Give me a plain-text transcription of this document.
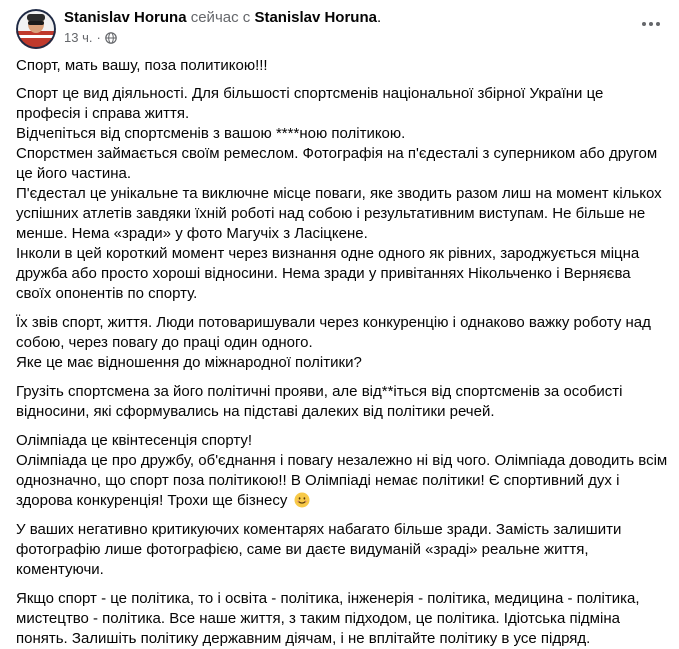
Stanislav Horuna сейчас с Stanislav Horuna.
13 ч. ·

Спорт, мать вашу, поза политикою!!!

Спорт це вид діяльності. Для більшості спортсменів національної збірної України це професія і справа життя.
Відчепіться від спортсменів з вашою ****ною політикою.
Спорстмен займається своїм ремеслом. Фотографія на п'єдесталі з суперником або другом це його частина.
П'єдестал це унікальне та виключне місце поваги, яке зводить разом лиш на момент кількох успішних атлетів завдяки їхній роботі над собою і результативним виступам. Не більше не менше. Нема «зради» у фото Магучіх з Ласіцкене.
Інколи в цей короткий момент через визнання одне одного як рівних, зароджується міцна дружба або просто хороші відносини. Нема зради у привітаннях Нікольченко і Верняєва своїх опонентів по спорту.

Їх звів спорт, життя. Люди потоваришували через конкуренцію і однаково важку роботу над собою, через повагу до праці один одного.
Яке це має відношення до міжнародної політики?

Грузіть спортсмена за його політичні прояви, але від**іться від спортсменів за особисті відносини, які сформувались на підставі далеких від політики речей.

Олімпіада це квінтесенція спорту!
Олімпіада це про дружбу, об'єднання і повагу незалежно ні від чого. Олімпіада доводить всім однозначно, що спорт поза політикою!! В Олімпіаді немає політики! Є спортивний дух і здорова конкуренція! Трохи ще бізнесу

У ваших негативно критикуючих коментарях набагато більше зради. Замість залишити фотографію лише фотографією, саме ви даєте видуманій «зраді» реальне життя, коментуючи.

Якщо спорт - це політика, то і освіта - політика, інженерія - політика, медицина - політика, мистецтво - політика. Все наше життя, з таким підходом, це політика. Ідіотська підміна понять. Залишіть політику державним діячам, і не вплітайте політику в усе підряд.
